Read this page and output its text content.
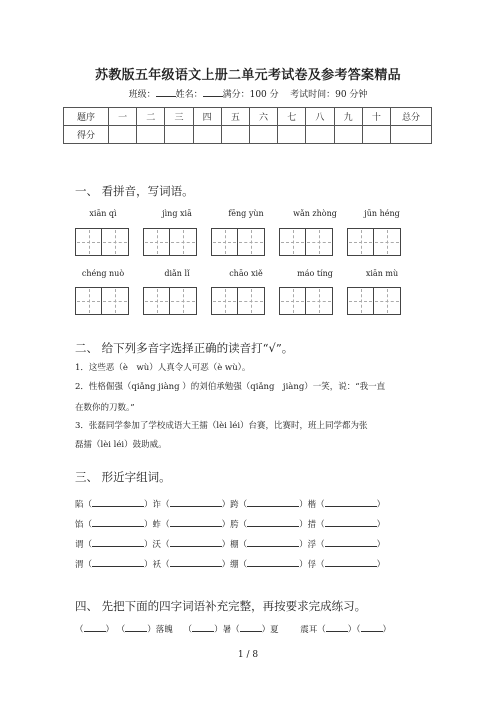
苏教版五年级语文上册二单元考试卷及参考答案精品
班级： 姓名： 满分：100 分 考试时间：90 分钟
题序	一	二	三	四	五	六	七	八	九	十	总分
得分											
一、 看拼音，写词语。
xiān qì	jìng xiā	fēng yùn	wǎn zhòng	jūn héng
chéng nuò	diǎn lǐ	chāo xiě	máo tíng	xiān mù
二、 给下列多音字选择正确的读音打“√”。
1．这些恶（è　wù）人真令人可恶（è wù）。
2．性格倔强（qiǎng jiàng ）的刘伯承勉强（qiǎng　jiàng）一笑，说：“我一直
在数你的刀数。”
3．张磊同学参加了学校成语大王擂（lèi léi）台赛，比赛时，班上同学都为张
磊擂（lèi léi）鼓助威。
三、 形近字组词。
陷（	）诈（	）跨（	）楷（	）
馅（	）蚱（	）胯（	）措（	）
谓（	）沃（	）棚（	）浮（	）
渭（	）袄（	）绷（	）俘（	）
四、 先把下面的四字词语补充完整，再按要求完成练习。
（	） （	）落魄    （	）暑（	）夏	震耳（	）（	）
1 / 8
